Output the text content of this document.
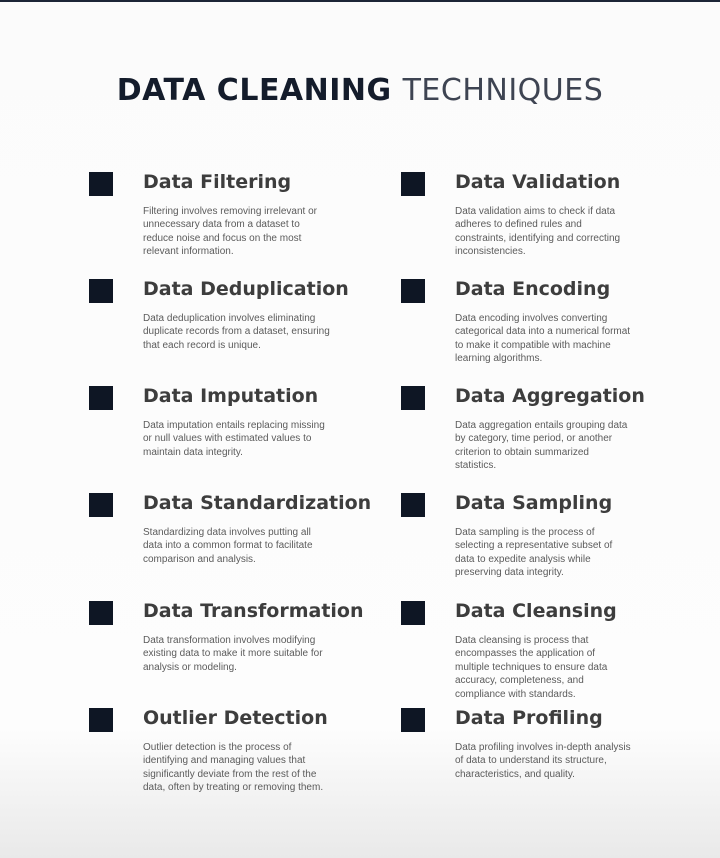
DATA CLEANING TECHNIQUES
Data Filtering

Filtering involves removing irrelevant or unnecessary data from a dataset to reduce noise and focus on the most relevant information.

Data Validation

Data validation aims to check if data adheres to defined rules and constraints, identifying and correcting inconsistencies.

Data Deduplication

Data deduplication involves eliminating duplicate records from a dataset, ensuring that each record is unique.

Data Encoding

Data encoding involves converting categorical data into a numerical format to make it compatible with machine learning algorithms.

Data Imputation

Data imputation entails replacing missing or null values with estimated values to maintain data integrity.

Data Aggregation

Data aggregation entails grouping data by category, time period, or another criterion to obtain summarized statistics.

Data Standardization

Standardizing data involves putting all data into a common format to facilitate comparison and analysis.

Data Sampling

Data sampling is the process of selecting a representative subset of data to expedite analysis while preserving data integrity.

Data Transformation

Data transformation involves modifying existing data to make it more suitable for analysis or modeling.

Data Cleansing

Data cleansing is process that encompasses the application of multiple techniques to ensure data accuracy, completeness, and compliance with standards.

Outlier Detection

Outlier detection is the process of identifying and managing values that significantly deviate from the rest of the data, often by treating or removing them.

Data Profiling

Data profiling involves in-depth analysis of data to understand its structure, characteristics, and quality.
